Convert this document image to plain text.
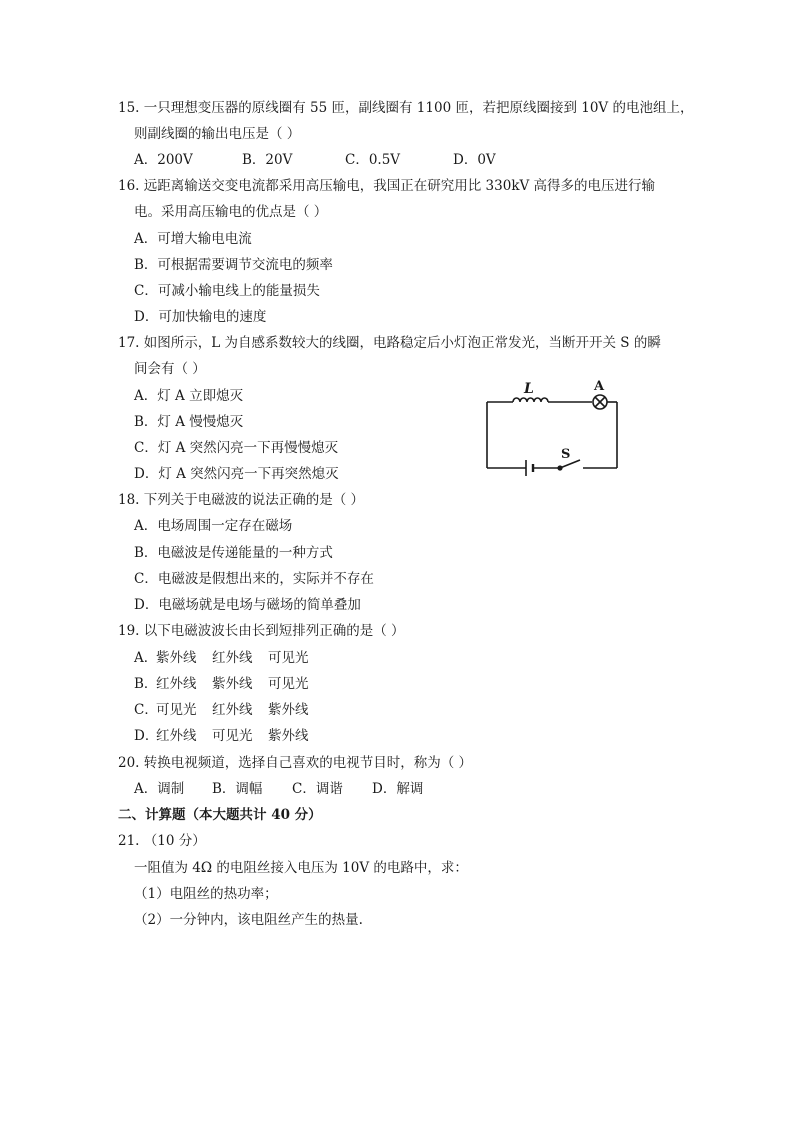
15. 一只理想变压器的原线圈有 55 匝，副线圈有 1100 匝，若把原线圈接到 10V 的电池组上，
则副线圈的输出电压是（ ）
A．200V	B．20V	C．0.5V	D．0V
16. 远距离输送交变电流都采用高压输电，我国正在研究用比 330kV 高得多的电压进行输
电。采用高压输电的优点是（ ）
A．可增大输电电流
B．可根据需要调节交流电的频率
C．可减小输电线上的能量损失
D．可加快输电的速度
17. 如图所示，L 为自感系数较大的线圈，电路稳定后小灯泡正常发光，当断开开关 S 的瞬
间会有（ ）
A．灯 A 立即熄灭
B．灯 A 慢慢熄灭
C．灯 A 突然闪亮一下再慢慢熄灭
D．灯 A 突然闪亮一下再突然熄灭
L	A
S
18. 下列关于电磁波的说法正确的是（ ）
A．电场周围一定存在磁场
B．电磁波是传递能量的一种方式
C．电磁波是假想出来的，实际并不存在
D．电磁场就是电场与磁场的简单叠加
19. 以下电磁波波长由长到短排列正确的是（ ）
A．紫外线 红外线 可见光
B．红外线 紫外线 可见光
C．可见光 红外线 紫外线
D．红外线 可见光 紫外线
20. 转换电视频道，选择自己喜欢的电视节目时，称为（ ）
A．调制 B．调幅 C．调谐 D．解调
二、计算题（本大题共计 40 分）
21. （10 分）
一阻值为 4Ω 的电阻丝接入电压为 10V 的电路中，求：
（1）电阻丝的热功率；
（2）一分钟内，该电阻丝产生的热量.
